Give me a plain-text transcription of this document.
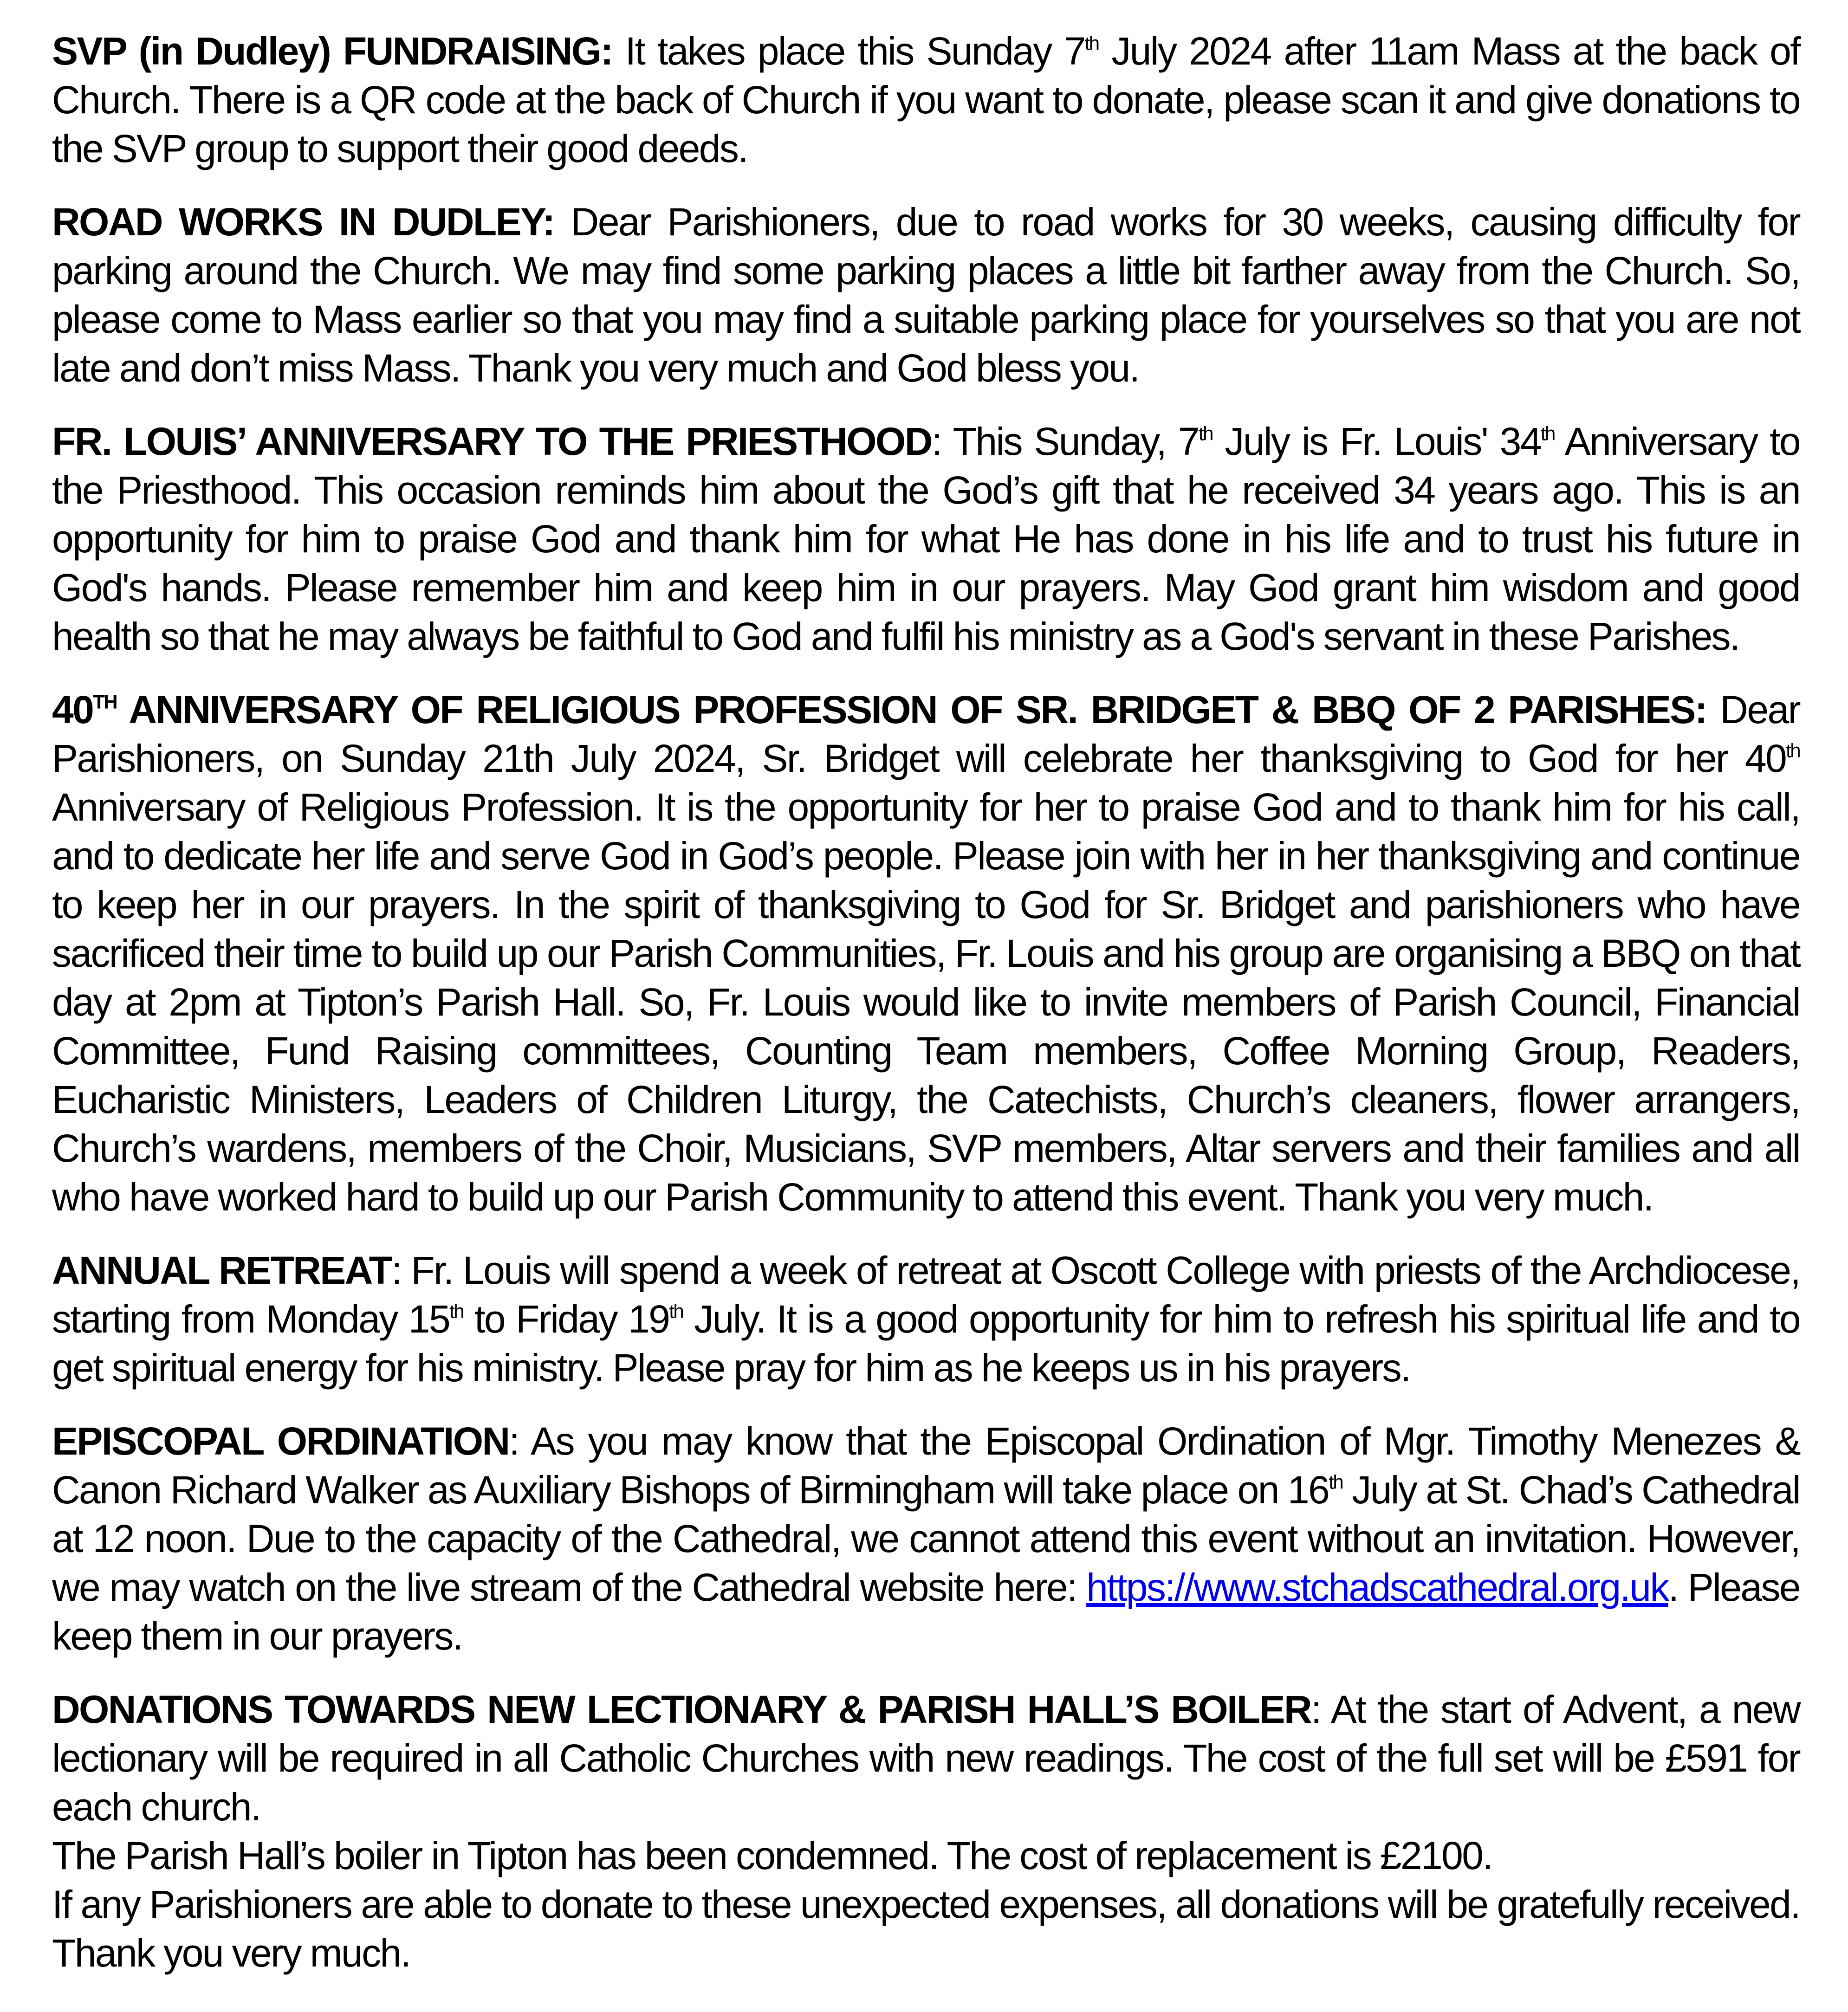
SVP (in Dudley) FUNDRAISING: It takes place this Sunday 7th July 2024 after 11am Mass at the back of Church. There is a QR code at the back of Church if you want to donate, please scan it and give donations to the SVP group to support their good deeds.
ROAD WORKS IN DUDLEY: Dear Parishioners, due to road works for 30 weeks, causing difficulty for parking around the Church. We may find some parking places a little bit farther away from the Church. So, please come to Mass earlier so that you may find a suitable parking place for yourselves so that you are not late and don’t miss Mass. Thank you very much and God bless you.
FR. LOUIS’ ANNIVERSARY TO THE PRIESTHOOD: This Sunday, 7th July is Fr. Louis' 34th Anniversary to the Priesthood. This occasion reminds him about the God’s gift that he received 34 years ago. This is an opportunity for him to praise God and thank him for what He has done in his life and to trust his future in God's hands. Please remember him and keep him in our prayers. May God grant him wisdom and good health so that he may always be faithful to God and fulfil his ministry as a God's servant in these Parishes.
40TH ANNIVERSARY OF RELIGIOUS PROFESSION OF SR. BRIDGET & BBQ OF 2 PARISHES: Dear Parishioners, on Sunday 21th July 2024, Sr. Bridget will celebrate her thanksgiving to God for her 40th Anniversary of Religious Profession. It is the opportunity for her to praise God and to thank him for his call, and to dedicate her life and serve God in God’s people. Please join with her in her thanksgiving and continue to keep her in our prayers. In the spirit of thanksgiving to God for Sr. Bridget and parishioners who have sacrificed their time to build up our Parish Communities, Fr. Louis and his group are organising a BBQ on that day at 2pm at Tipton’s Parish Hall. So, Fr. Louis would like to invite members of Parish Council, Financial Committee, Fund Raising committees, Counting Team members, Coffee Morning Group, Readers, Eucharistic Ministers, Leaders of Children Liturgy, the Catechists, Church’s cleaners, flower arrangers, Church’s wardens, members of the Choir, Musicians, SVP members, Altar servers and their families and all who have worked hard to build up our Parish Community to attend this event. Thank you very much.
ANNUAL RETREAT: Fr. Louis will spend a week of retreat at Oscott College with priests of the Archdiocese, starting from Monday 15th to Friday 19th July. It is a good opportunity for him to refresh his spiritual life and to get spiritual energy for his ministry. Please pray for him as he keeps us in his prayers.
EPISCOPAL ORDINATION: As you may know that the Episcopal Ordination of Mgr. Timothy Menezes & Canon Richard Walker as Auxiliary Bishops of Birmingham will take place on 16th July at St. Chad’s Cathedral at 12 noon. Due to the capacity of the Cathedral, we cannot attend this event without an invitation. However, we may watch on the live stream of the Cathedral website here: https://www.stchadscathedral.org.uk. Please keep them in our prayers.

DONATIONS TOWARDS NEW LECTIONARY & PARISH HALL’S BOILER: At the start of Advent, a new lectionary will be required in all Catholic Churches with new readings. The cost of the full set will be £591 for each church.

The Parish Hall’s boiler in Tipton has been condemned. The cost of replacement is £2100.

If any Parishioners are able to donate to these unexpected expenses, all donations will be gratefully received. Thank you very much.
